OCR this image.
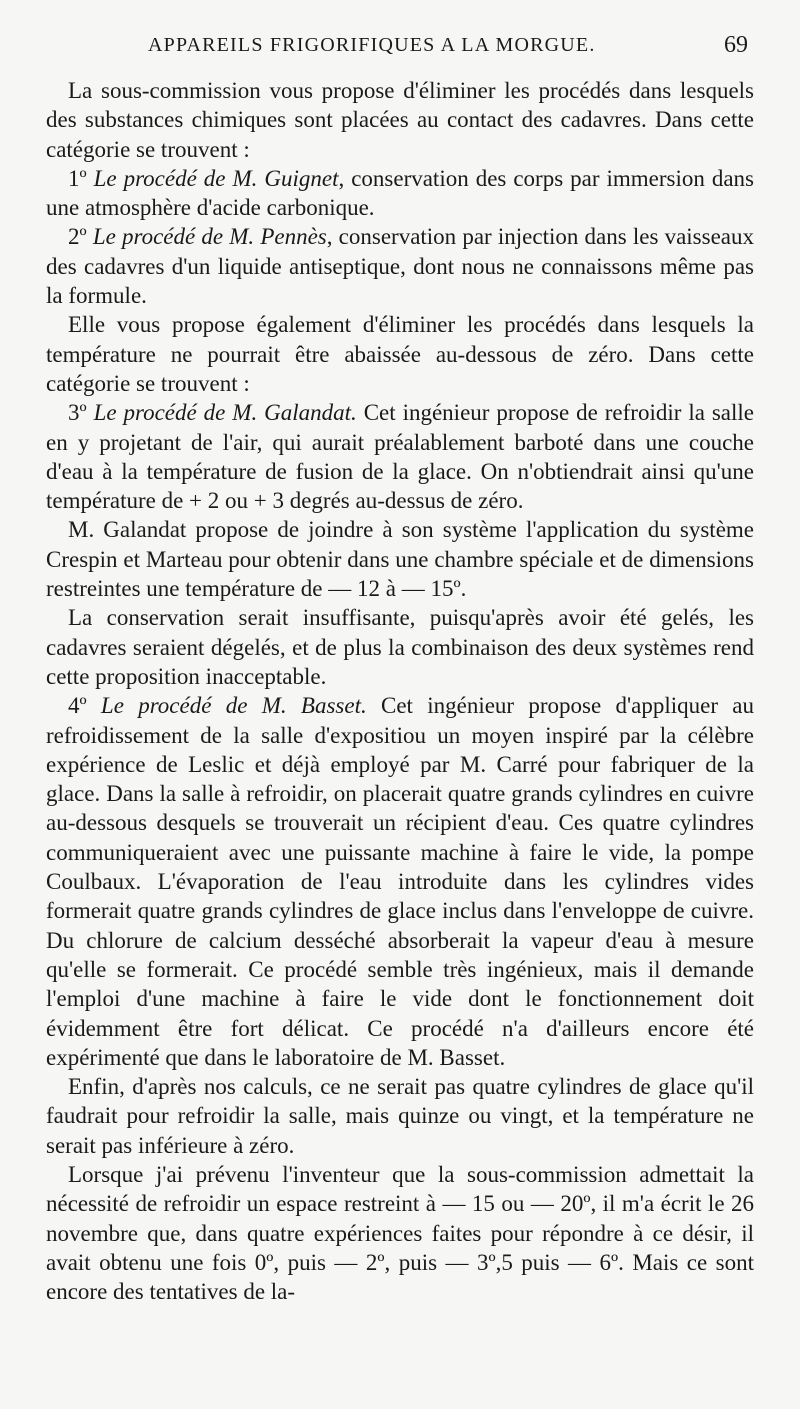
APPAREILS FRIGORIFIQUES A LA MORGUE.	69

La sous-commission vous propose d'éliminer les procédés dans lesquels des substances chimiques sont placées au contact des cadavres. Dans cette catégorie se trouvent :

1º Le procédé de M. Guignet, conservation des corps par immersion dans une atmosphère d'acide carbonique.

2º Le procédé de M. Pennès, conservation par injection dans les vaisseaux des cadavres d'un liquide antiseptique, dont nous ne connaissons même pas la formule.

Elle vous propose également d'éliminer les procédés dans lesquels la température ne pourrait être abaissée au-dessous de zéro. Dans cette catégorie se trouvent :

3º Le procédé de M. Galandat. Cet ingénieur propose de refroidir la salle en y projetant de l'air, qui aurait préalablement barboté dans une couche d'eau à la température de fusion de la glace. On n'obtiendrait ainsi qu'une température de + 2 ou + 3 degrés au-dessus de zéro.

M. Galandat propose de joindre à son système l'application du système Crespin et Marteau pour obtenir dans une chambre spéciale et de dimensions restreintes une température de — 12 à — 15º.

La conservation serait insuffisante, puisqu'après avoir été gelés, les cadavres seraient dégelés, et de plus la combinaison des deux systèmes rend cette proposition inacceptable.

4º Le procédé de M. Basset. Cet ingénieur propose d'appliquer au refroidissement de la salle d'expositiou un moyen inspiré par la célèbre expérience de Leslic et déjà employé par M. Carré pour fabriquer de la glace. Dans la salle à refroidir, on placerait quatre grands cylindres en cuivre au-dessous desquels se trouverait un récipient d'eau. Ces quatre cylindres communiqueraient avec une puissante machine à faire le vide, la pompe Coulbaux. L'évaporation de l'eau introduite dans les cylindres vides formerait quatre grands cylindres de glace inclus dans l'enveloppe de cuivre. Du chlorure de calcium desséché absorberait la vapeur d'eau à mesure qu'elle se formerait. Ce procédé semble très ingénieux, mais il demande l'emploi d'une machine à faire le vide dont le fonctionnement doit évidemment être fort délicat. Ce procédé n'a d'ailleurs encore été expérimenté que dans le laboratoire de M. Basset.

Enfin, d'après nos calculs, ce ne serait pas quatre cylindres de glace qu'il faudrait pour refroidir la salle, mais quinze ou vingt, et la température ne serait pas inférieure à zéro.

Lorsque j'ai prévenu l'inventeur que la sous-commission admettait la nécessité de refroidir un espace restreint à — 15 ou — 20º, il m'a écrit le 26 novembre que, dans quatre expériences faites pour répondre à ce désir, il avait obtenu une fois 0º, puis — 2º, puis — 3º,5 puis — 6º. Mais ce sont encore des tentatives de la-
